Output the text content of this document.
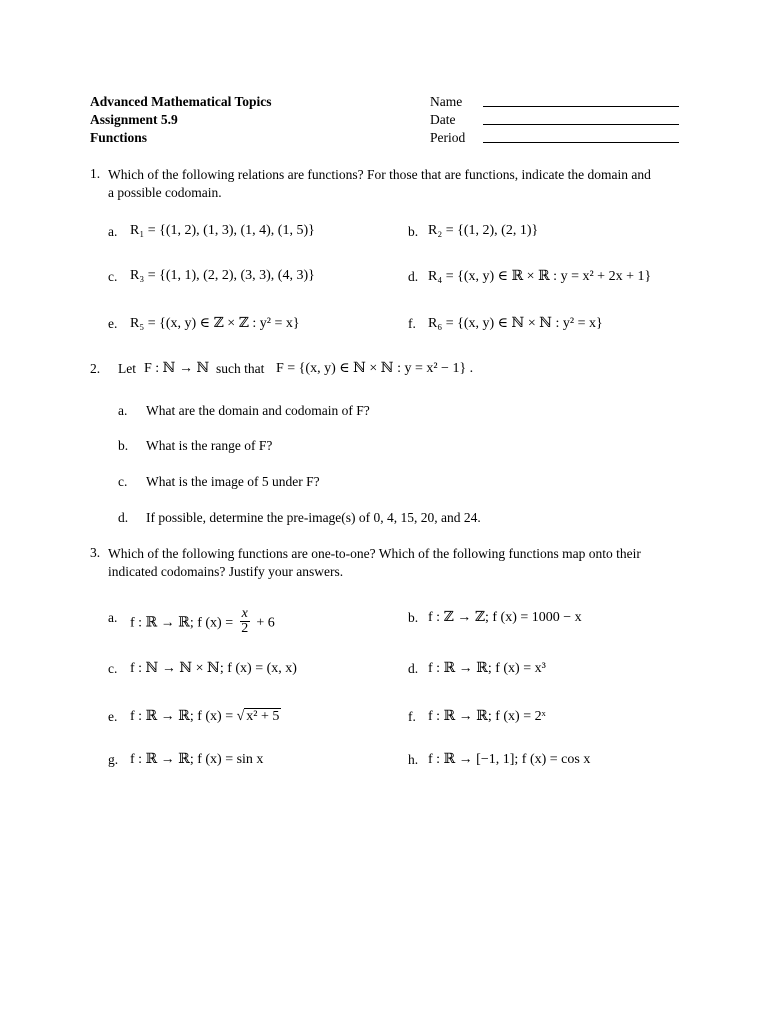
Advanced Mathematical Topics
Assignment 5.9
Functions
Name
Date
Period
1. Which of the following relations are functions? For those that are functions, indicate the domain and a possible codomain.
a. R₁ = {(1, 2), (1, 3), (1, 4), (1, 5)}	b. R₂ = {(1, 2), (2, 1)}
c. R₃ = {(1, 1), (2, 2), (3, 3), (4, 3)}	d. R₄ = {(x, y) ∈ ℝ × ℝ : y = x² + 2x + 1}
e. R₅ = {(x, y) ∈ ℤ × ℤ : y² = x}	f. R₆ = {(x, y) ∈ ℕ × ℕ : y² = x}
2. Let F : ℕ → ℕ such that F = {(x, y) ∈ ℕ × ℕ : y = x² − 1} .
a. What are the domain and codomain of F?
b. What is the range of F?
c. What is the image of 5 under F?
d. If possible, determine the pre-image(s) of 0, 4, 15, 20, and 24.
3. Which of the following functions are one-to-one? Which of the following functions map onto their indicated codomains? Justify your answers.
a. f : ℝ → ℝ; f $(x) = \frac{x}{2} + 6$	b. f : ℤ → ℤ; f (x) = 1000 − x
c. f : ℕ → ℕ × ℕ; f (x) = (x, x)	d. f : ℝ → ℝ; f (x) = x³
e. f : ℝ → ℝ; f (x) = √ x² + 5	f. f : ℝ → ℝ; f (x) = 2ˣ
g. f : ℝ → ℝ; f (x) = sin x	h. f : ℝ → [−1, 1]; f (x) = cos x
